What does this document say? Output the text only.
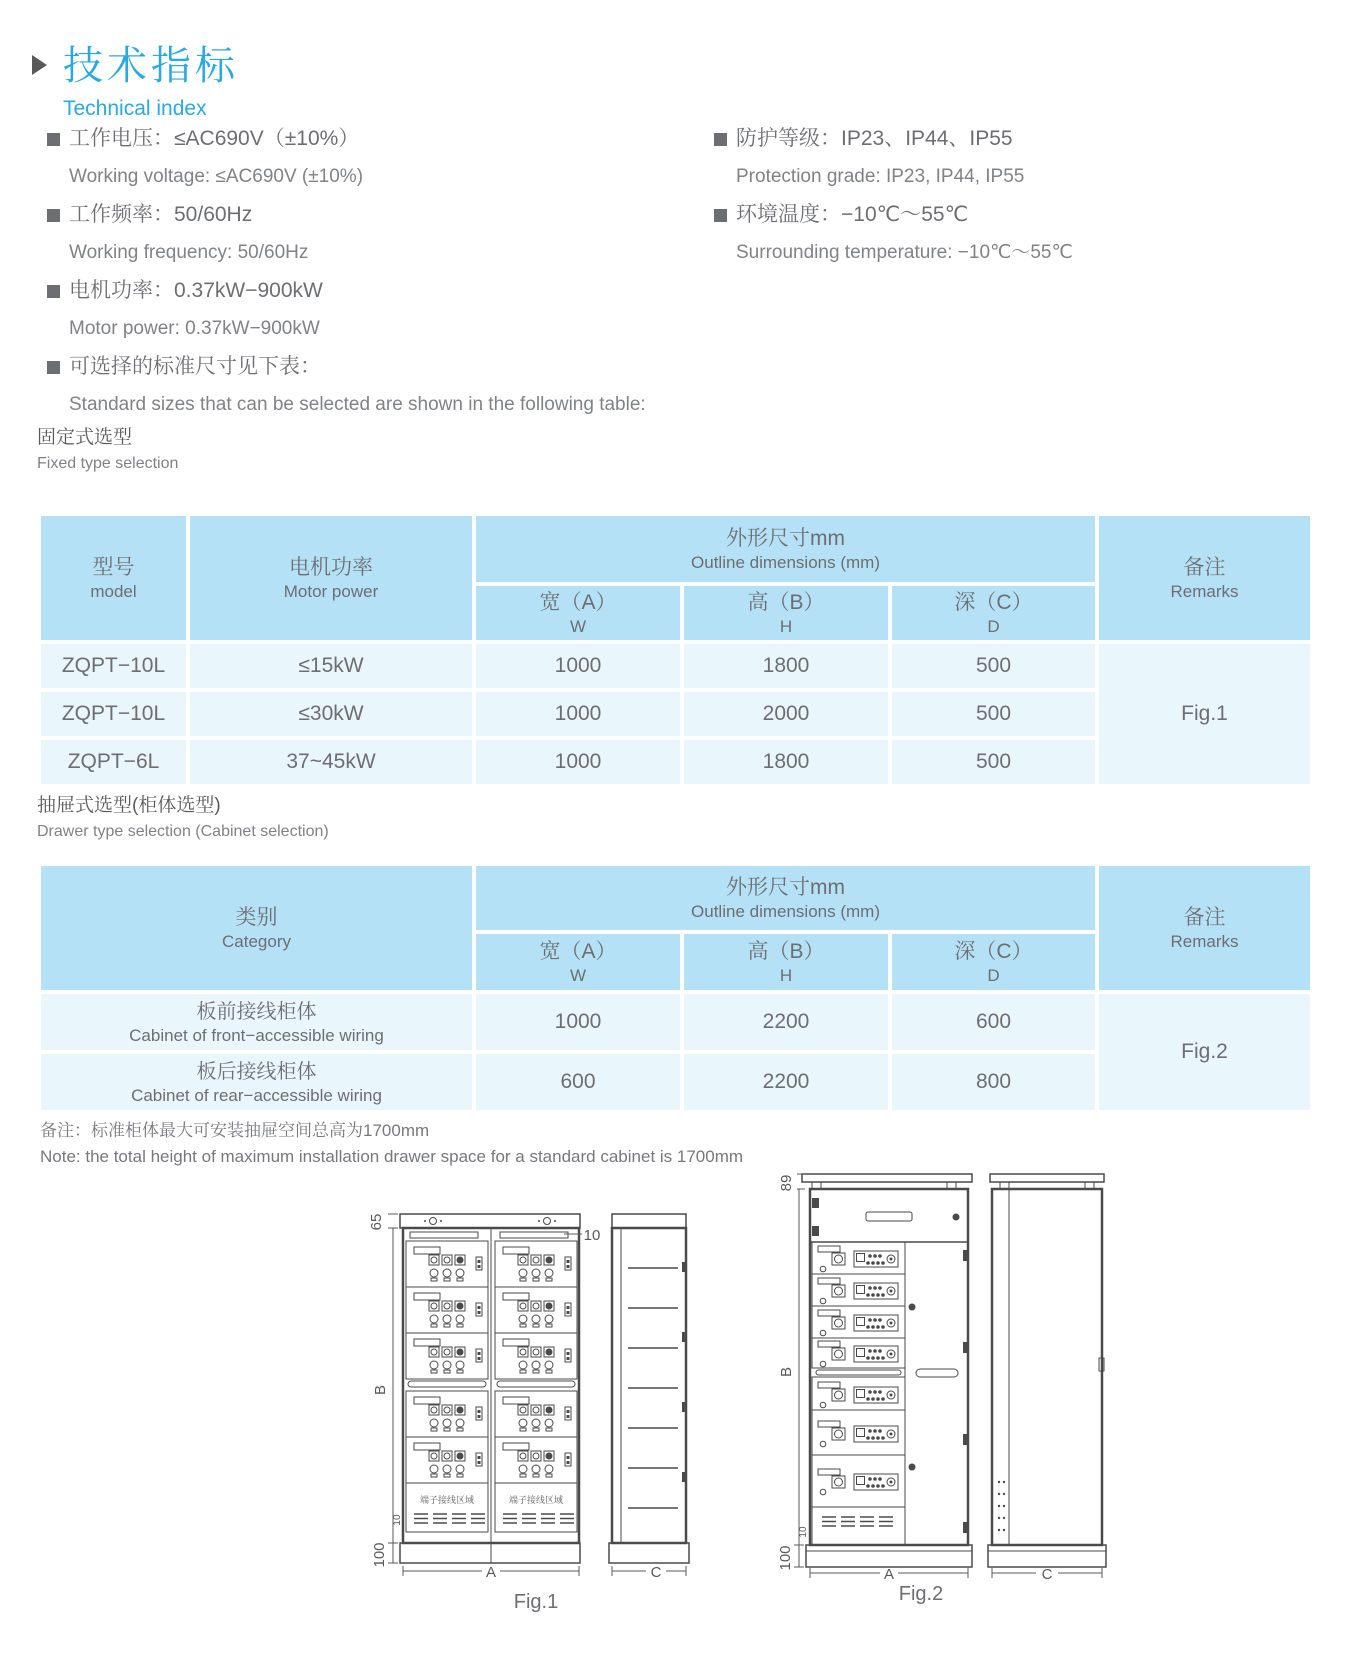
技术指标
Technical index
工作电压：≤AC690V（±10%）
Working voltage: ≤AC690V (±10%)
工作频率：50/60Hz
Working frequency: 50/60Hz
电机功率：0.37kW−900kW
Motor power: 0.37kW−900kW
可选择的标准尺寸见下表：
Standard sizes that can be selected are shown in the following table:
防护等级：IP23、IP44、IP55
Protection grade: IP23, IP44, IP55
环境温度：−10℃～55℃
Surrounding temperature: −10℃～55℃
固定式选型
Fixed type selection
型号
model

电机功率
Motor power

外形尺寸mm
Outline dimensions (mm)	备注
Remarks

宽（A）
W

高（B）
H

深（C）
D

ZQPT−10L	≤15kW	1000	1800	500	Fig.1
ZQPT−10L	≤30kW	1000	2000	500	
ZQPT−6L	37~45kW	1000	1800	500	
抽屉式选型(柜体选型)
Drawer type selection (Cabinet selection)
类别
Category

外形尺寸mm
Outline dimensions (mm)	备注
Remarks

宽（A）
W

高（B）
H

深（C）
D

板前接线柜体
Cabinet of front−accessible wiring	1000	2200	600	Fig.2

板后接线柜体
Cabinet of rear−accessible wiring	600	2200	800	
备注：标准柜体最大可安装抽屉空间总高为1700mm
Note: the total height of maximum installation drawer space for a standard cabinet is 1700mm
端子接线区域	端子接线区域
65
B
100
10
10
A	C
Fig.1
89
B
100
10
A	C
Fig.2
